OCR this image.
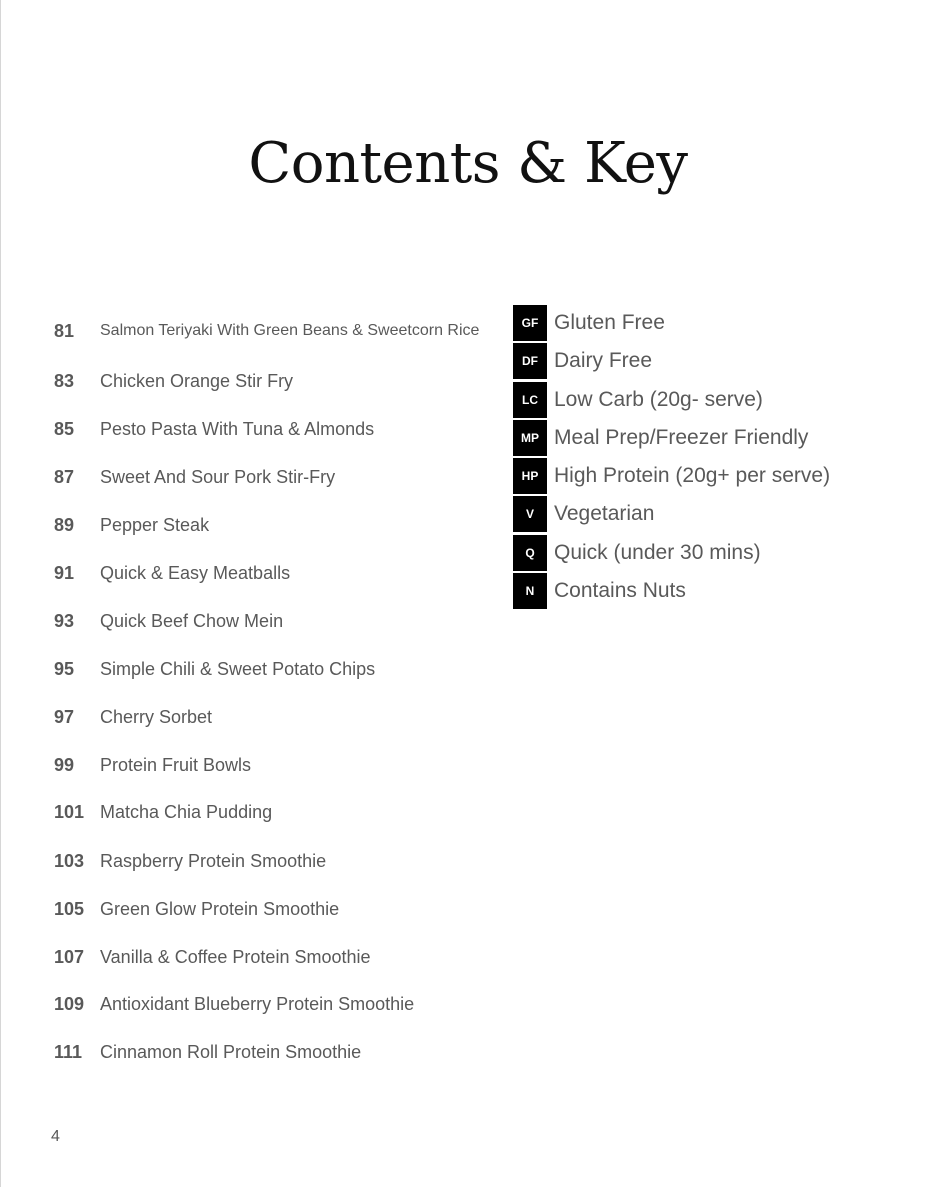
Contents & Key
81	Salmon Teriyaki With Green Beans & Sweetcorn Rice
83	Chicken Orange Stir Fry
85	Pesto Pasta With Tuna & Almonds
87	Sweet And Sour Pork Stir-Fry
89	Pepper Steak
91	Quick & Easy Meatballs
93	Quick Beef Chow Mein
95	Simple Chili & Sweet Potato Chips
97	Cherry Sorbet
99	Protein Fruit Bowls
101 Matcha Chia Pudding
103 Raspberry Protein Smoothie
105 Green Glow Protein Smoothie
107 Vanilla & Coffee Protein Smoothie
109 Antioxidant Blueberry Protein Smoothie
111 Cinnamon Roll Protein Smoothie
GF Gluten Free
DF Dairy Free
LC Low Carb (20g- serve)
MP Meal Prep/Freezer Friendly
HP High Protein (20g+ per serve)
V Vegetarian
Q Quick (under 30 mins)
N Contains Nuts
4
